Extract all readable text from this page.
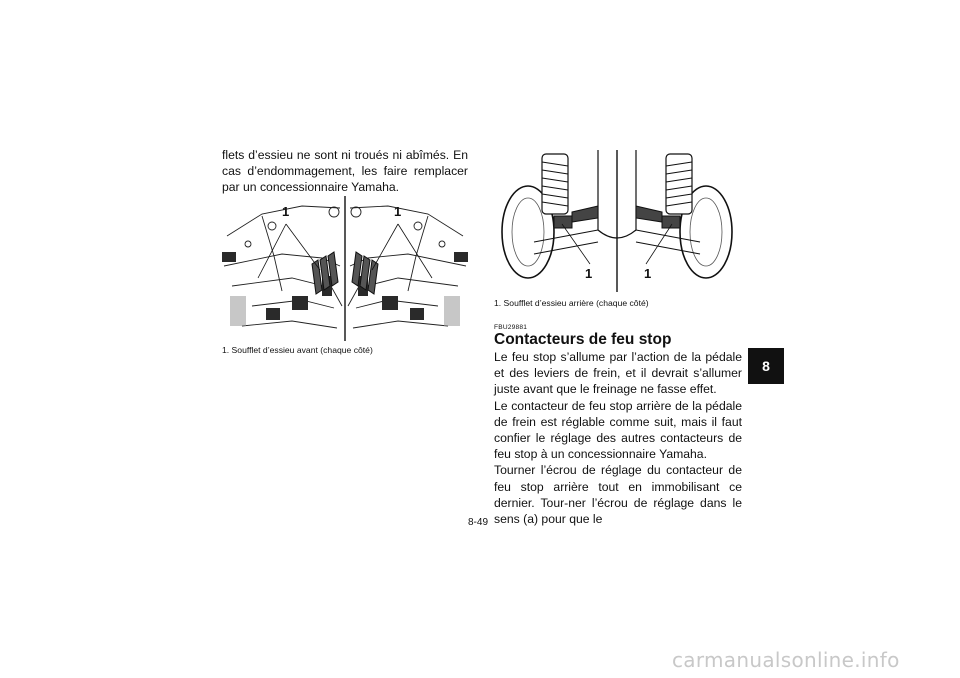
flets d’essieu ne sont ni troués ni abîmés. En cas d’endommagement, les faire remplacer par un concessionnaire Yamaha.

1	1
1. Soufflet d’essieu avant (chaque côté)
1	1
1. Soufflet d’essieu arrière (chaque côté)
FBU29881
Contacteurs de feu stop

Le feu stop s’allume par l’action de la pédale et des leviers de frein, et il devrait s’allumer juste avant que le freinage ne fasse effet.

Le contacteur de feu stop arrière de la pédale de frein est réglable comme suit, mais il faut confier le réglage des autres contacteurs de feu stop à un concessionnaire Yamaha.

Tourner l’écrou de réglage du contacteur de feu stop arrière tout en immobilisant ce dernier. Tour-ner l’écrou de réglage dans le sens (a) pour que le

8
8-49
carmanualsonline.info
